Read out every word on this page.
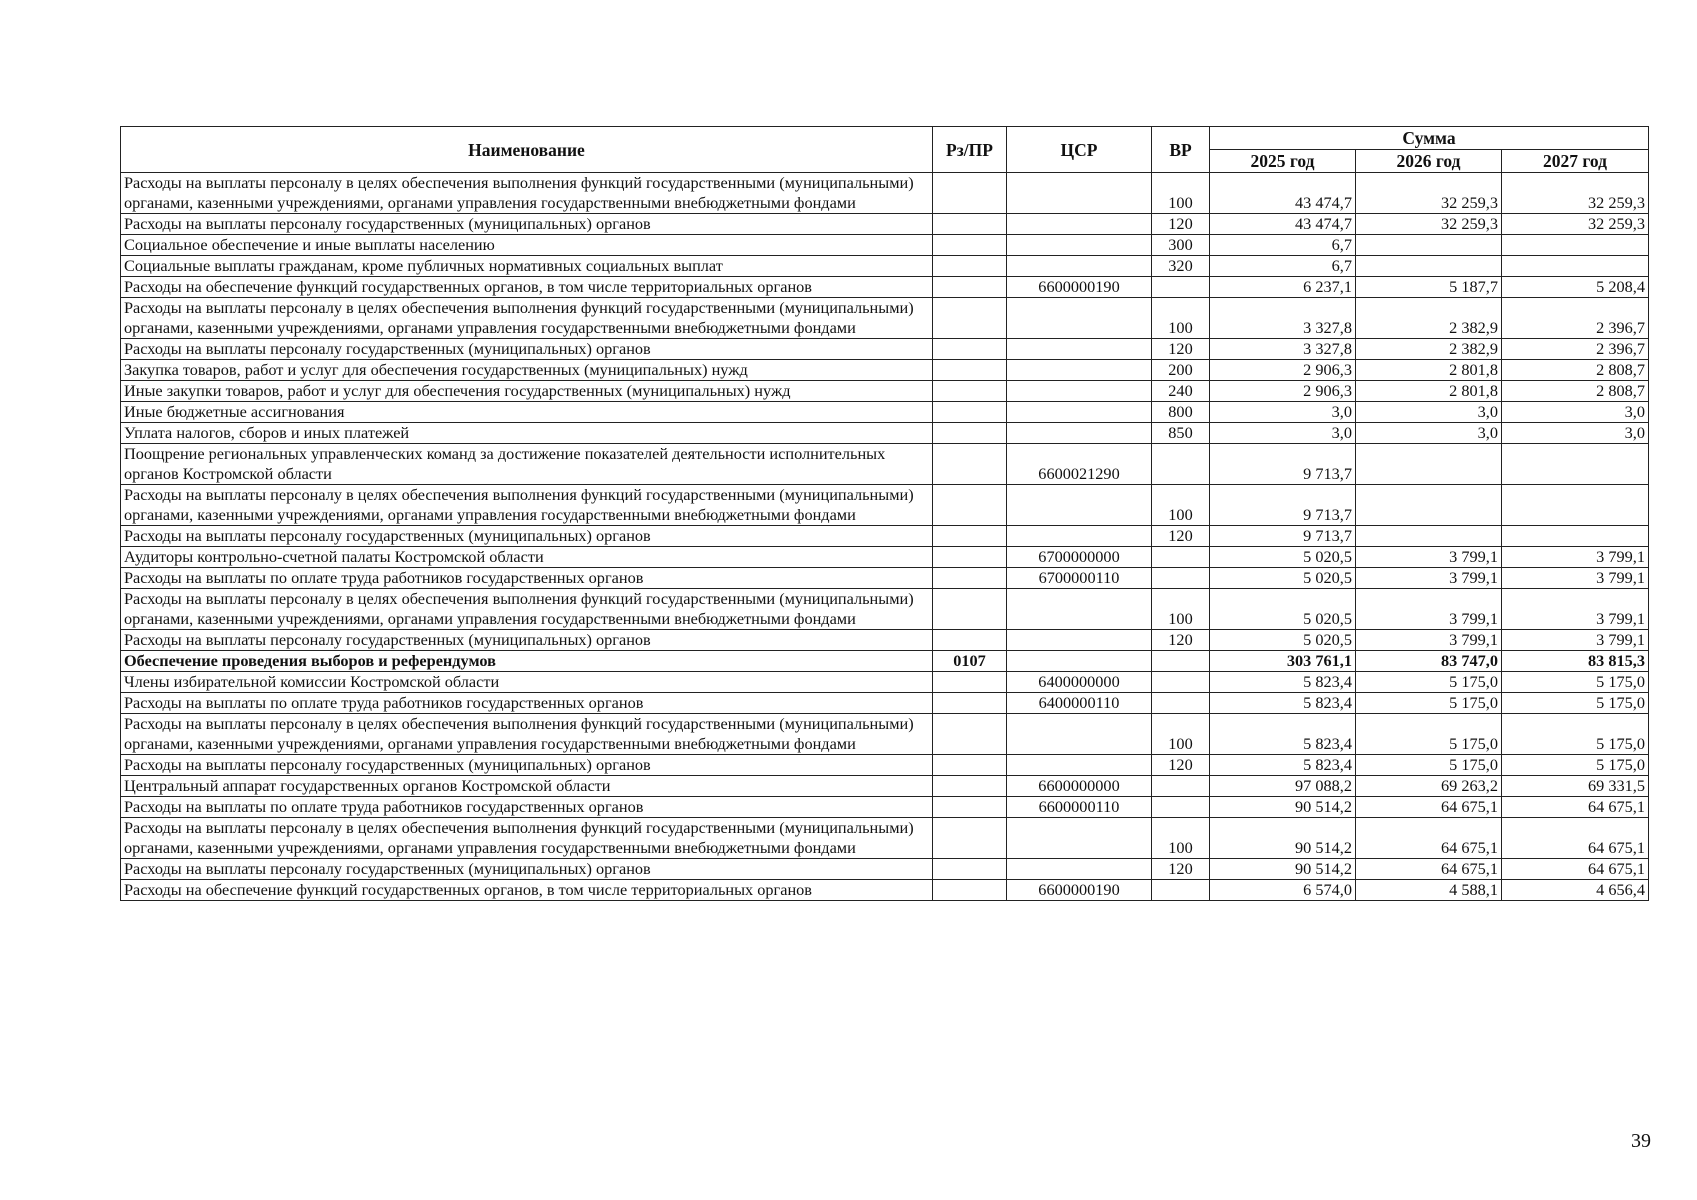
Наименование	Рз/ПР	ЦСР	ВР	Сумма		
				2025 год	2026 год	2027 год
Расходы на выплаты персоналу в целях обеспечения выполнения функций государственными (муниципальными) органами, казенными учреждениями, органами управления государственными внебюджетными фондами			100	43 474,7	32 259,3	32 259,3
Расходы на выплаты персоналу государственных (муниципальных) органов			120	43 474,7	32 259,3	32 259,3
Социальное обеспечение и иные выплаты населению			300	6,7		
Социальные выплаты гражданам, кроме публичных нормативных социальных выплат			320	6,7		
Расходы на обеспечение функций государственных органов, в том числе территориальных органов		6600000190		6 237,1	5 187,7	5 208,4
Расходы на выплаты персоналу в целях обеспечения выполнения функций государственными (муниципальными) органами, казенными учреждениями, органами управления государственными внебюджетными фондами			100	3 327,8	2 382,9	2 396,7
Расходы на выплаты персоналу государственных (муниципальных) органов			120	3 327,8	2 382,9	2 396,7
Закупка товаров, работ и услуг для обеспечения государственных (муниципальных) нужд			200	2 906,3	2 801,8	2 808,7
Иные закупки товаров, работ и услуг для обеспечения государственных (муниципальных) нужд			240	2 906,3	2 801,8	2 808,7
Иные бюджетные ассигнования			800	3,0	3,0	3,0
Уплата налогов, сборов и иных платежей			850	3,0	3,0	3,0
Поощрение региональных управленческих команд за достижение показателей деятельности исполнительных органов Костромской области		6600021290		9 713,7		
Расходы на выплаты персоналу в целях обеспечения выполнения функций государственными (муниципальными) органами, казенными учреждениями, органами управления государственными внебюджетными фондами			100	9 713,7		
Расходы на выплаты персоналу государственных (муниципальных) органов			120	9 713,7		
Аудиторы контрольно-счетной палаты Костромской области		6700000000		5 020,5	3 799,1	3 799,1
Расходы на выплаты по оплате труда работников государственных органов		6700000110		5 020,5	3 799,1	3 799,1
Расходы на выплаты персоналу в целях обеспечения выполнения функций государственными (муниципальными) органами, казенными учреждениями, органами управления государственными внебюджетными фондами			100	5 020,5	3 799,1	3 799,1
Расходы на выплаты персоналу государственных (муниципальных) органов			120	5 020,5	3 799,1	3 799,1
Обеспечение проведения выборов и референдумов	0107			303 761,1	83 747,0	83 815,3
Члены избирательной комиссии Костромской области		6400000000		5 823,4	5 175,0	5 175,0
Расходы на выплаты по оплате труда работников государственных органов		6400000110		5 823,4	5 175,0	5 175,0
Расходы на выплаты персоналу в целях обеспечения выполнения функций государственными (муниципальными) органами, казенными учреждениями, органами управления государственными внебюджетными фондами			100	5 823,4	5 175,0	5 175,0
Расходы на выплаты персоналу государственных (муниципальных) органов			120	5 823,4	5 175,0	5 175,0
Центральный аппарат государственных органов Костромской области		6600000000		97 088,2	69 263,2	69 331,5
Расходы на выплаты по оплате труда работников государственных органов		6600000110		90 514,2	64 675,1	64 675,1
Расходы на выплаты персоналу в целях обеспечения выполнения функций государственными (муниципальными) органами, казенными учреждениями, органами управления государственными внебюджетными фондами			100	90 514,2	64 675,1	64 675,1
Расходы на выплаты персоналу государственных (муниципальных) органов			120	90 514,2	64 675,1	64 675,1
Расходы на обеспечение функций государственных органов, в том числе территориальных органов		6600000190		6 574,0	4 588,1	4 656,4
39
